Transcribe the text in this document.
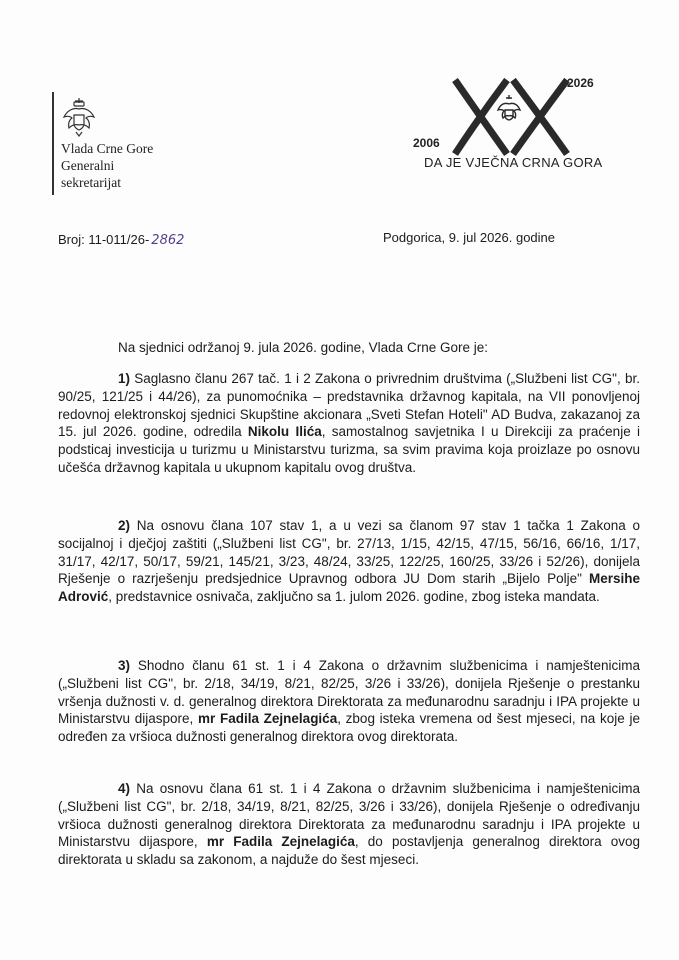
Vlada Crne Gore
Generalni
sekretarijat
2026
2006
DA JE VJEČNA CRNA GORA
Broj: 11-011/26- 2862	Podgorica, 9. jul 2026. godine
Na sjednici održanoj 9. jula 2026. godine, Vlada Crne Gore je:
1) Saglasno članu 267 tač. 1 i 2 Zakona o privrednim društvima („Službeni list CG", br. 90/25, 121/25 i 44/26), za punomoćnika – predstavnika državnog kapitala, na VII ponovljenoj redovnoj elektronskoj sjednici Skupštine akcionara „Sveti Stefan Hoteli" AD Budva, zakazanoj za 15. jul 2026. godine, odredila Nikolu Ilića, samostalnog savjetnika I u Direkciji za praćenje i podsticaj investicija u turizmu u Ministarstvu turizma, sa svim pravima koja proizlaze po osnovu učešća državnog kapitala u ukupnom kapitalu ovog društva.
2) Na osnovu člana 107 stav 1, a u vezi sa članom 97 stav 1 tačka 1 Zakona o socijalnoj i dječjoj zaštiti („Službeni list CG", br. 27/13, 1/15, 42/15, 47/15, 56/16, 66/16, 1/17, 31/17, 42/17, 50/17, 59/21, 145/21, 3/23, 48/24, 33/25, 122/25, 160/25, 33/26 i 52/26), donijela Rješenje o razrješenju predsjednice Upravnog odbora JU Dom starih „Bijelo Polje" Mersihe Adrović, predstavnice osnivača, zaključno sa 1. julom 2026. godine, zbog isteka mandata.
3) Shodno članu 61 st. 1 i 4 Zakona o državnim službenicima i namještenicima („Službeni list CG", br. 2/18, 34/19, 8/21, 82/25, 3/26 i 33/26), donijela Rješenje o prestanku vršenja dužnosti v. d. generalnog direktora Direktorata za međunarodnu saradnju i IPA projekte u Ministarstvu dijaspore, mr Fadila Zejnelagića, zbog isteka vremena od šest mjeseci, na koje je određen za vršioca dužnosti generalnog direktora ovog direktorata.
4) Na osnovu člana 61 st. 1 i 4 Zakona o državnim službenicima i namještenicima („Službeni list CG", br. 2/18, 34/19, 8/21, 82/25, 3/26 i 33/26), donijela Rješenje o određivanju vršioca dužnosti generalnog direktora Direktorata za međunarodnu saradnju i IPA projekte u Ministarstvu dijaspore, mr Fadila Zejnelagića, do postavljenja generalnog direktora ovog direktorata u skladu sa zakonom, a najduže do šest mjeseci.
